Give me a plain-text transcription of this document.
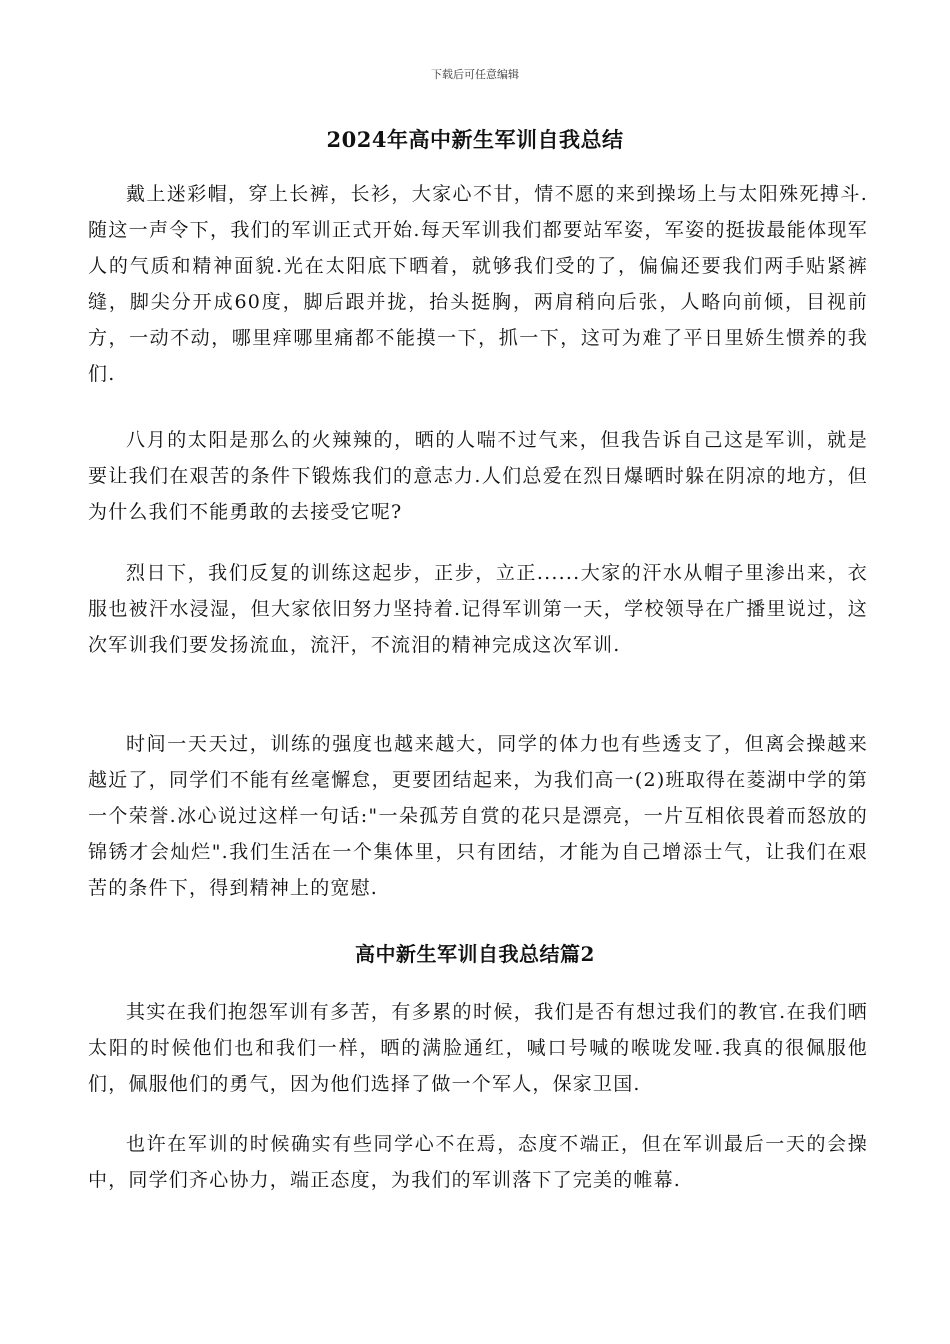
下载后可任意编辑
2024年高中新生军训自我总结

戴上迷彩帽，穿上长裤，长衫，大家心不甘，情不愿的来到操场上与太阳殊死搏斗.随这一声令下，我们的军训正式开始.每天军训我们都要站军姿，军姿的挺拔最能体现军人的气质和精神面貌.光在太阳底下晒着，就够我们受的了，偏偏还要我们两手贴紧裤缝，脚尖分开成60度，脚后跟并拢，抬头挺胸，两肩稍向后张，人略向前倾，目视前方，一动不动，哪里痒哪里痛都不能摸一下，抓一下，这可为难了平日里娇生惯养的我们.

八月的太阳是那么的火辣辣的，晒的人喘不过气来，但我告诉自己这是军训，就是要让我们在艰苦的条件下锻炼我们的意志力.人们总爱在烈日爆晒时躲在阴凉的地方，但为什么我们不能勇敢的去接受它呢?

烈日下，我们反复的训练这起步，正步，立正......大家的汗水从帽子里渗出来，衣服也被汗水浸湿，但大家依旧努力坚持着.记得军训第一天，学校领导在广播里说过，这次军训我们要发扬流血，流汗，不流泪的精神完成这次军训.

时间一天天过，训练的强度也越来越大，同学的体力也有些透支了，但离会操越来越近了，同学们不能有丝毫懈怠，更要团结起来，为我们高一(2)班取得在菱湖中学的第一个荣誉.冰心说过这样一句话:"一朵孤芳自赏的花只是漂亮，一片互相依畏着而怒放的锦锈才会灿烂".我们生活在一个集体里，只有团结，才能为自己增添士气，让我们在艰苦的条件下，得到精神上的宽慰.

高中新生军训自我总结篇2

其实在我们抱怨军训有多苦，有多累的时候，我们是否有想过我们的教官.在我们晒太阳的时候他们也和我们一样，晒的满脸通红，喊口号喊的喉咙发哑.我真的很佩服他们，佩服他们的勇气，因为他们选择了做一个军人，保家卫国.

也许在军训的时候确实有些同学心不在焉，态度不端正，但在军训最后一天的会操中，同学们齐心协力，端正态度，为我们的军训落下了完美的帷幕.
